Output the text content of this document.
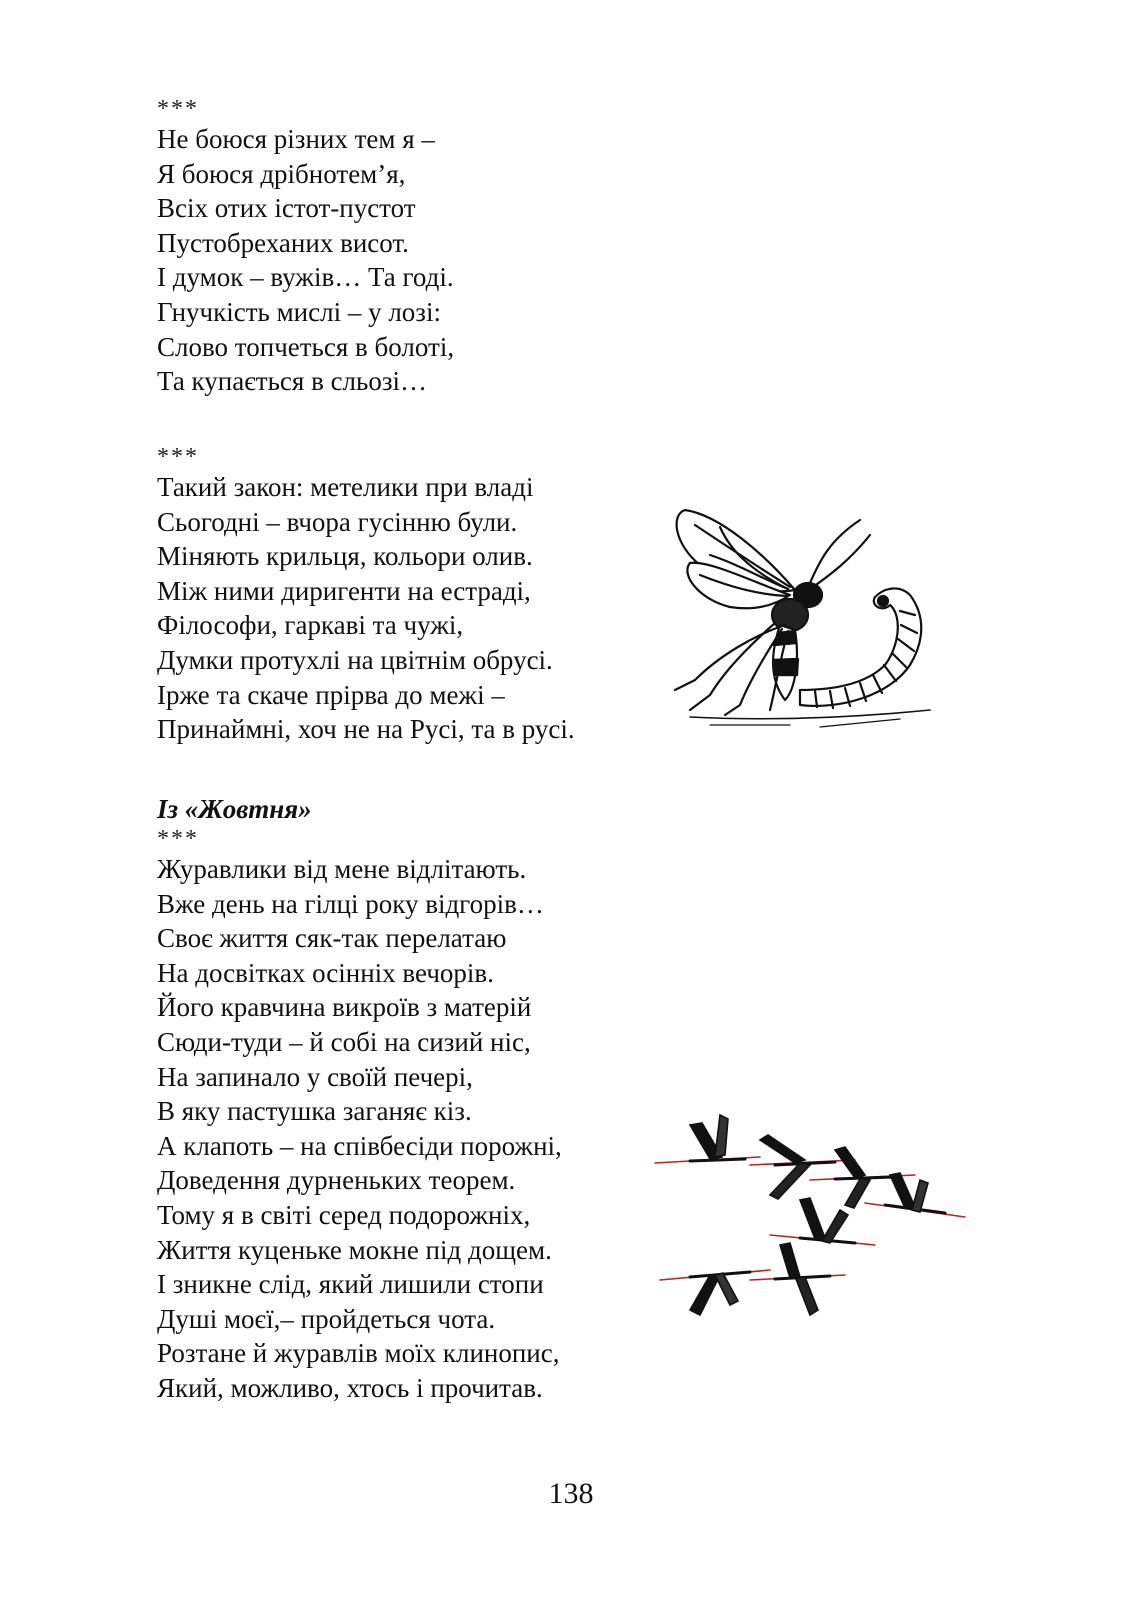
***
Не боюся різних тем я –
Я боюся дрібнотем’я,
Всіх отих істот-пустот
Пустобреханих висот.
І думок – вужів… Та годі.
Гнучкість мислі – у лозі:
Слово топчеться в болоті,
Та купається в сльозі…
***
Такий закон: метелики при владі
Сьогодні – вчора гусінню були.
Міняють крильця, кольори олив.
Між ними диригенти на естраді,
Філософи, гаркаві та чужі,
Думки протухлі на цвітнім обрусі.
Ірже та скаче прірва до межі –
Принаймні, хоч не на Русі, та в русі.
Із «Жовтня»
***
Журавлики від мене відлітають.
Вже день на гілці року відгорів…
Своє життя сяк-так перелатаю
На досвітках осінніх вечорів.
Його кравчина викроїв з матерій
Сюди-туди – й собі на сизий ніс,
На запинало у своїй печері,
В яку пастушка заганяє кіз.
А клапоть – на співбесіди порожні,
Доведення дурненьких теорем.
Тому я в світі серед подорожніх,
Життя куценьке мокне під дощем.
І зникне слід, який лишили стопи
Душі моєї,– пройдеться чота.
Розтане й журавлів моїх клинопис,
Який, можливо, хтось і прочитав.
138
